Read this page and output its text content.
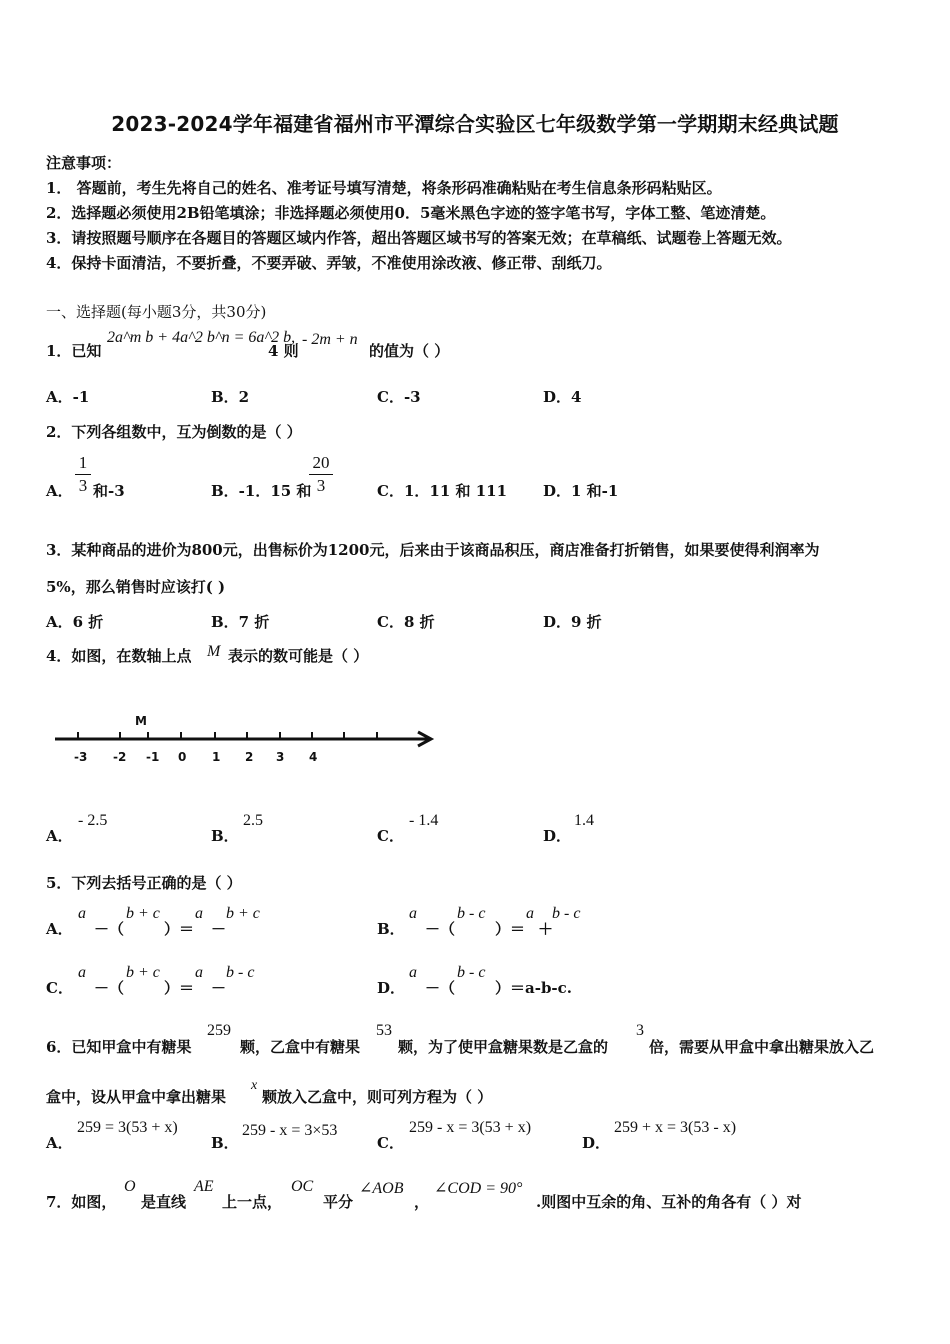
2023-2024学年福建省福州市平潭综合实验区七年级数学第一学期期末经典试题
注意事项：
1． 答题前，考生先将自己的姓名、准考证号填写清楚，将条形码准确粘贴在考生信息条形码粘贴区。
2．选择题必须使用2B铅笔填涂；非选择题必须使用0．5毫米黑色字迹的签字笔书写，字体工整、笔迹清楚。
3．请按照题号顺序在各题目的答题区域内作答，超出答题区域书写的答案无效；在草稿纸、试题卷上答题无效。
4．保持卡面清洁，不要折叠，不要弄破、弄皱，不准使用涂改液、修正带、刮纸刀。
一、选择题(每小题3分，共30分)
1．已知
2a^m b + 4a^2 b^n = 6a^2 b,
4 则
- 2m + n
的值为（ ）
A．-1	B．2	C．-3	D．4
2．下列各组数中，互为倒数的是（ ）
A．
1
3 和-3	B．-1．15 和
20
3	C．1．11 和 111 D．1 和-1
3．某种商品的进价为800元，出售标价为1200元，后来由于该商品积压，商店准备打折销售，如果要使得利润率为
5%，那么销售时应该打( )
A．6 折	B．7 折	C．8 折	D．9 折
4．如图，在数轴上点 M 表示的数可能是（ ）
M
-3 -2 -1 0 1 2 3 4
A．
- 2.5
B．
2.5
C．
- 1.4
D．
1.4
5．下列去括号正确的是（ ）
A．
a
－（
b + c
）＝
a
－
b + c
B．
a
－（
b - c
）＝
a
＋
b - c
C．
a
－（
b + c
）＝
a
－
b - c
D．
a
－（
b - c
）＝a-b-c.
6．已知甲盒中有糖果
259
颗，乙盒中有糖果
53
颗，为了使甲盒糖果数是乙盒的
3
倍，需要从甲盒中拿出糖果放入乙
盒中，设从甲盒中拿出糖果
x
颗放入乙盒中，则可列方程为（ ）
A．
259 = 3(53 + x)
B．
259 - x = 3×53
C．
259 - x = 3(53 + x)
D．
259 + x = 3(53 - x)
7．如图，
O
是直线
AE
上一点，
OC
平分
∠AOB
，
∠COD = 90°
.则图中互余的角、互补的角各有（ ）对
